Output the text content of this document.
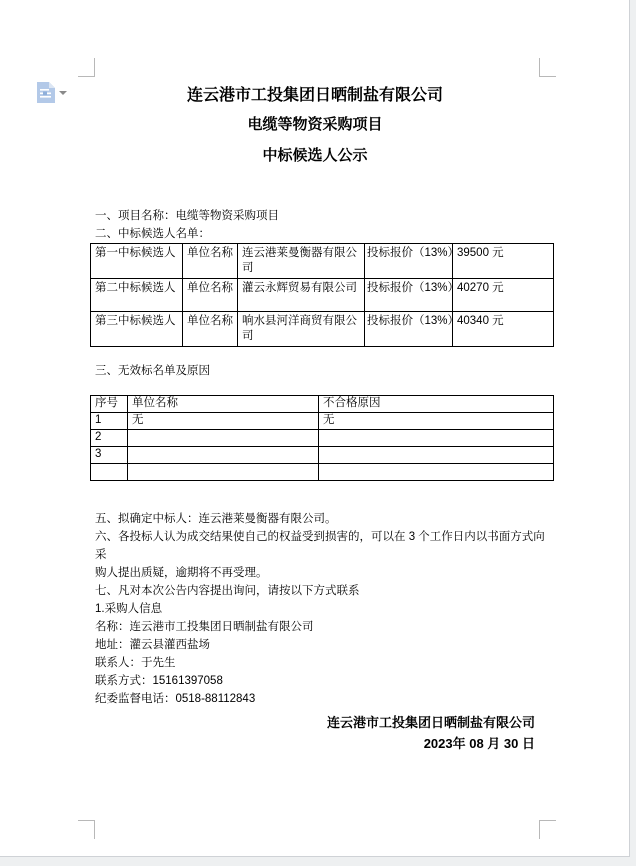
连云港市工投集团日晒制盐有限公司
电缆等物资采购项目
中标候选人公示
一、项目名称：电缆等物资采购项目
二、中标候选人名单：
第一中标候选人	单位名称	连云港莱曼衡器有限公司	投标报价（13%）	39500 元
第二中标候选人	单位名称	灌云永辉贸易有限公司	投标报价（13%）	40270 元
第三中标候选人	单位名称	响水县河洋商贸有限公司	投标报价（13%）	40340 元
三、无效标名单及原因
序号	单位名称	不合格原因
1	无	无
2		
3		

五、拟确定中标人：连云港莱曼衡器有限公司。
六、各投标人认为成交结果使自己的权益受到损害的，可以在 3 个工作日内以书面方式向采
购人提出质疑，逾期将不再受理。
七、凡对本次公告内容提出询问，请按以下方式联系
1.采购人信息
名称：连云港市工投集团日晒制盐有限公司
地址：灌云县灌西盐场
联系人：于先生
联系方式：15161397058
纪委监督电话：0518-88112843
连云港市工投集团日晒制盐有限公司
2023年 08 月 30 日
